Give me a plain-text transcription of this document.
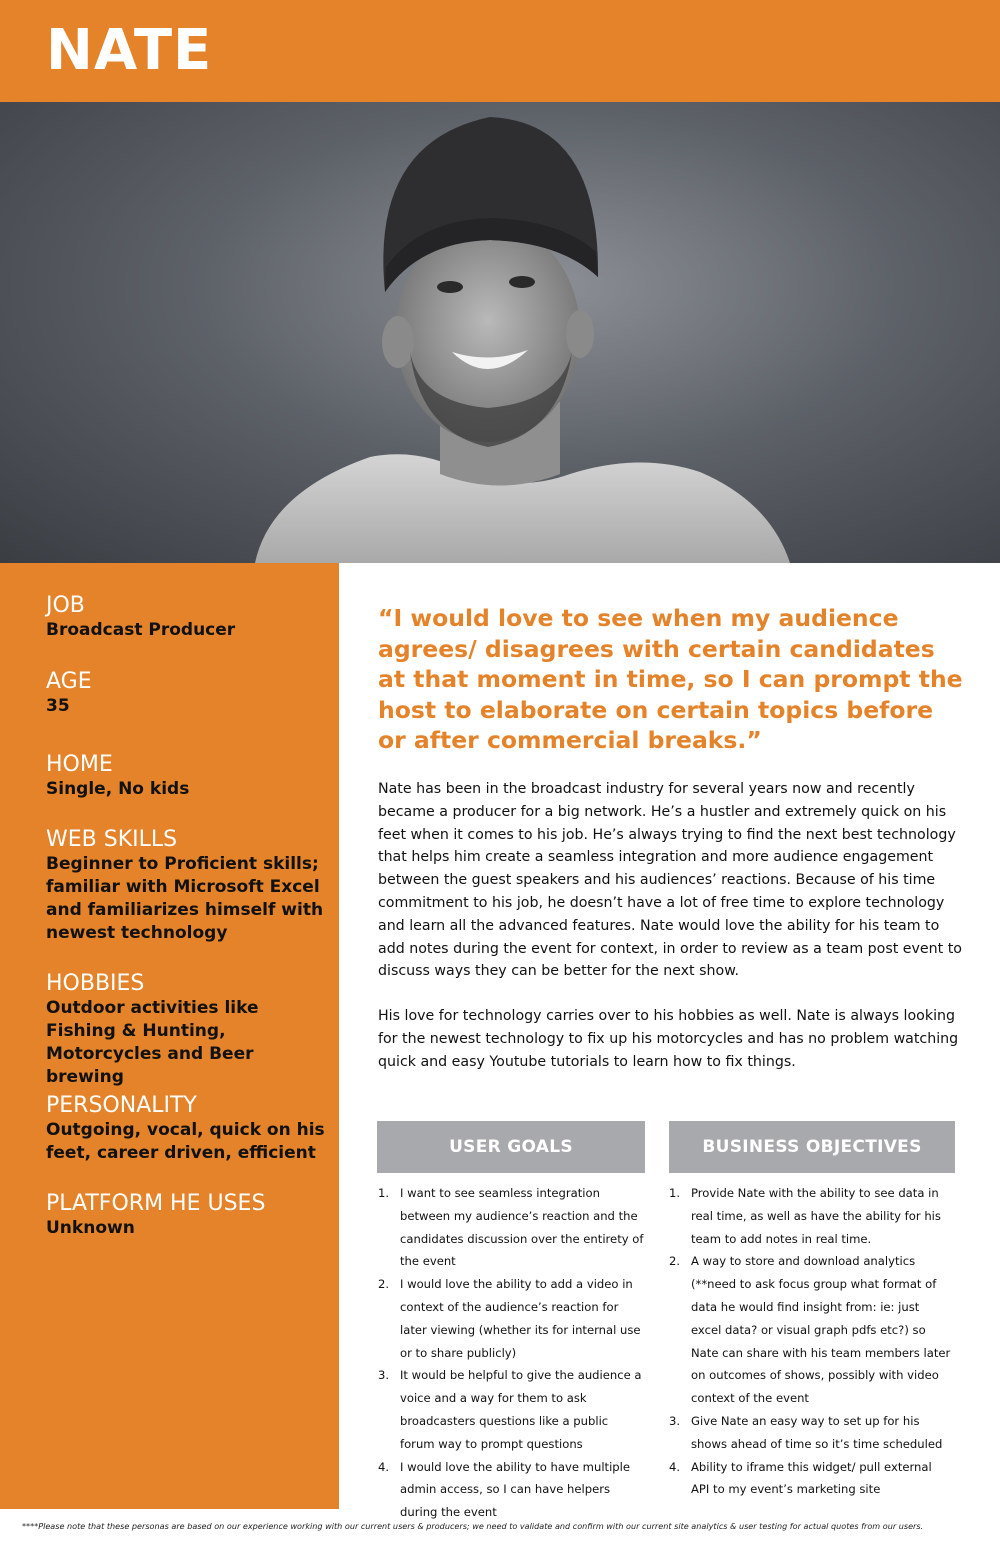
NATE
JOB
Broadcast Producer
AGE
35
HOME
Single, No kids
WEB SKILLS
Beginner to Proficient skills; familiar with Microsoft Excel and familiarizes himself with newest technology
HOBBIES
Outdoor activities like Fishing & Hunting, Motorcycles and Beer brewing
PERSONALITY
Outgoing, vocal, quick on his feet, career driven, efficient
PLATFORM HE USES
Unknown

“I would love to see when my audience agrees/ disagrees with certain candidates at that moment in time, so I can prompt the host to elaborate on certain topics before or after commercial breaks.”

Nate has been in the broadcast industry for several years now and recently became a producer for a big network. He’s a hustler and extremely quick on his feet when it comes to his job. He’s always trying to find the next best technology that helps him create a seamless integration and more audience engagement between the guest speakers and his audiences’ reactions. Because of his time commitment to his job, he doesn’t have a lot of free time to explore technology and learn all the advanced features. Nate would love the ability for his team to add notes during the event for context, in order to review as a team post event to discuss ways they can be better for the next show.

His love for technology carries over to his hobbies as well. Nate is always looking for the newest technology to fix up his motorcycles and has no problem watching quick and easy Youtube tutorials to learn how to fix things.

USER GOALS
1. I want to see seamless integration between my audience’s reaction and the candidates discussion over the entirety of the event
2. I would love the ability to add a video in context of the audience’s reaction for later viewing (whether its for internal use or to share publicly)
3. It would be helpful to give the audience a voice and a way for them to ask broadcasters questions like a public forum way to prompt questions
4. I would love the ability to have multiple admin access, so I can have helpers during the event
BUSINESS OBJECTIVES
1. Provide Nate with the ability to see data in real time, as well as have the ability for his team to add notes in real time.
2. A way to store and download analytics (**need to ask focus group what format of data he would find insight from: ie: just excel data? or visual graph pdfs etc?) so Nate can share with his team members later on outcomes of shows, possibly with video context of the event
3. Give Nate an easy way to set up for his shows ahead of time so it’s time scheduled
4. Ability to iframe this widget/ pull external API to my event’s marketing site

****Please note that these personas are based on our experience working with our current users & producers; we need to validate and confirm with our current site analytics & user testing for actual quotes from our users.
